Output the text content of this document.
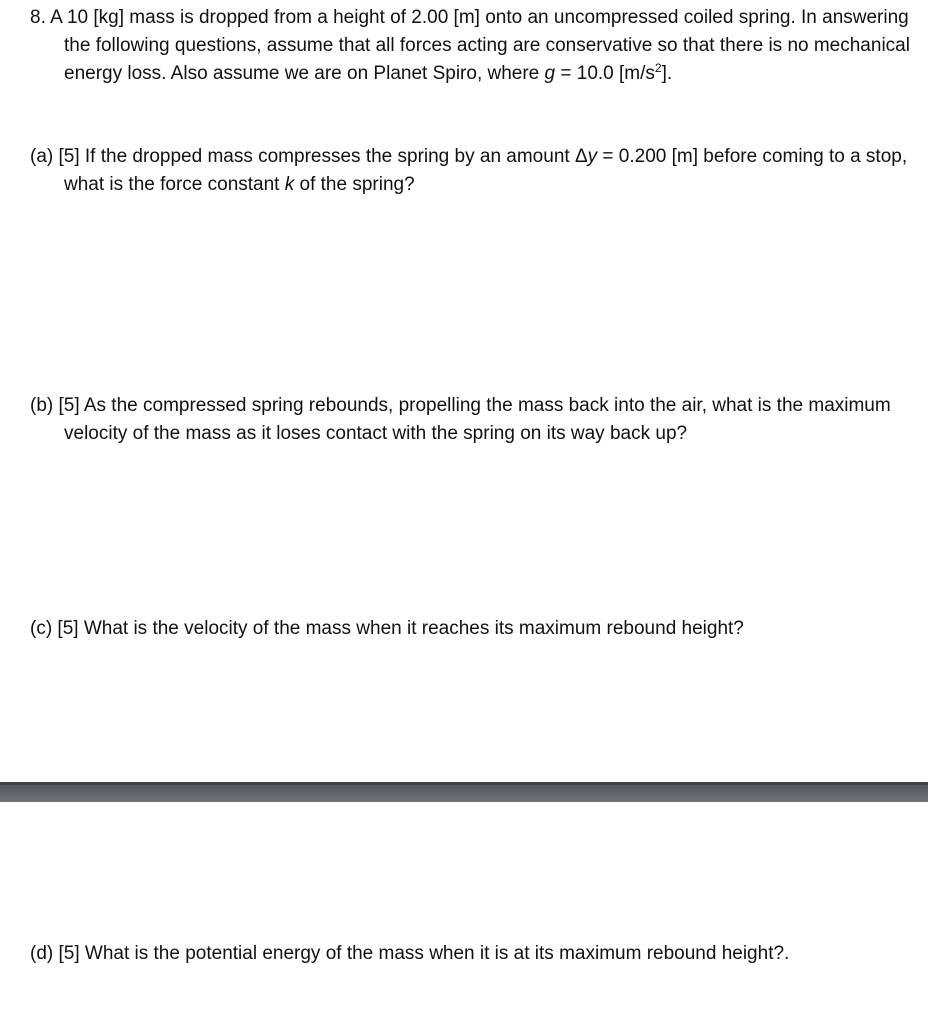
8. A 10 [kg] mass is dropped from a height of 2.00 [m] onto an uncompressed coiled spring. In answering the following questions, assume that all forces acting are conservative so that there is no mechanical energy loss. Also assume we are on Planet Spiro, where g = 10.0 $[m/s^2]$.
(a) [5] If the dropped mass compresses the spring by an amount Δy = 0.200 [m] before coming to a stop, what is the force constant k of the spring?
(b) [5] As the compressed spring rebounds, propelling the mass back into the air, what is the maximum velocity of the mass as it loses contact with the spring on its way back up?
(c) [5] What is the velocity of the mass when it reaches its maximum rebound height?
(d) [5] What is the potential energy of the mass when it is at its maximum rebound height?.
